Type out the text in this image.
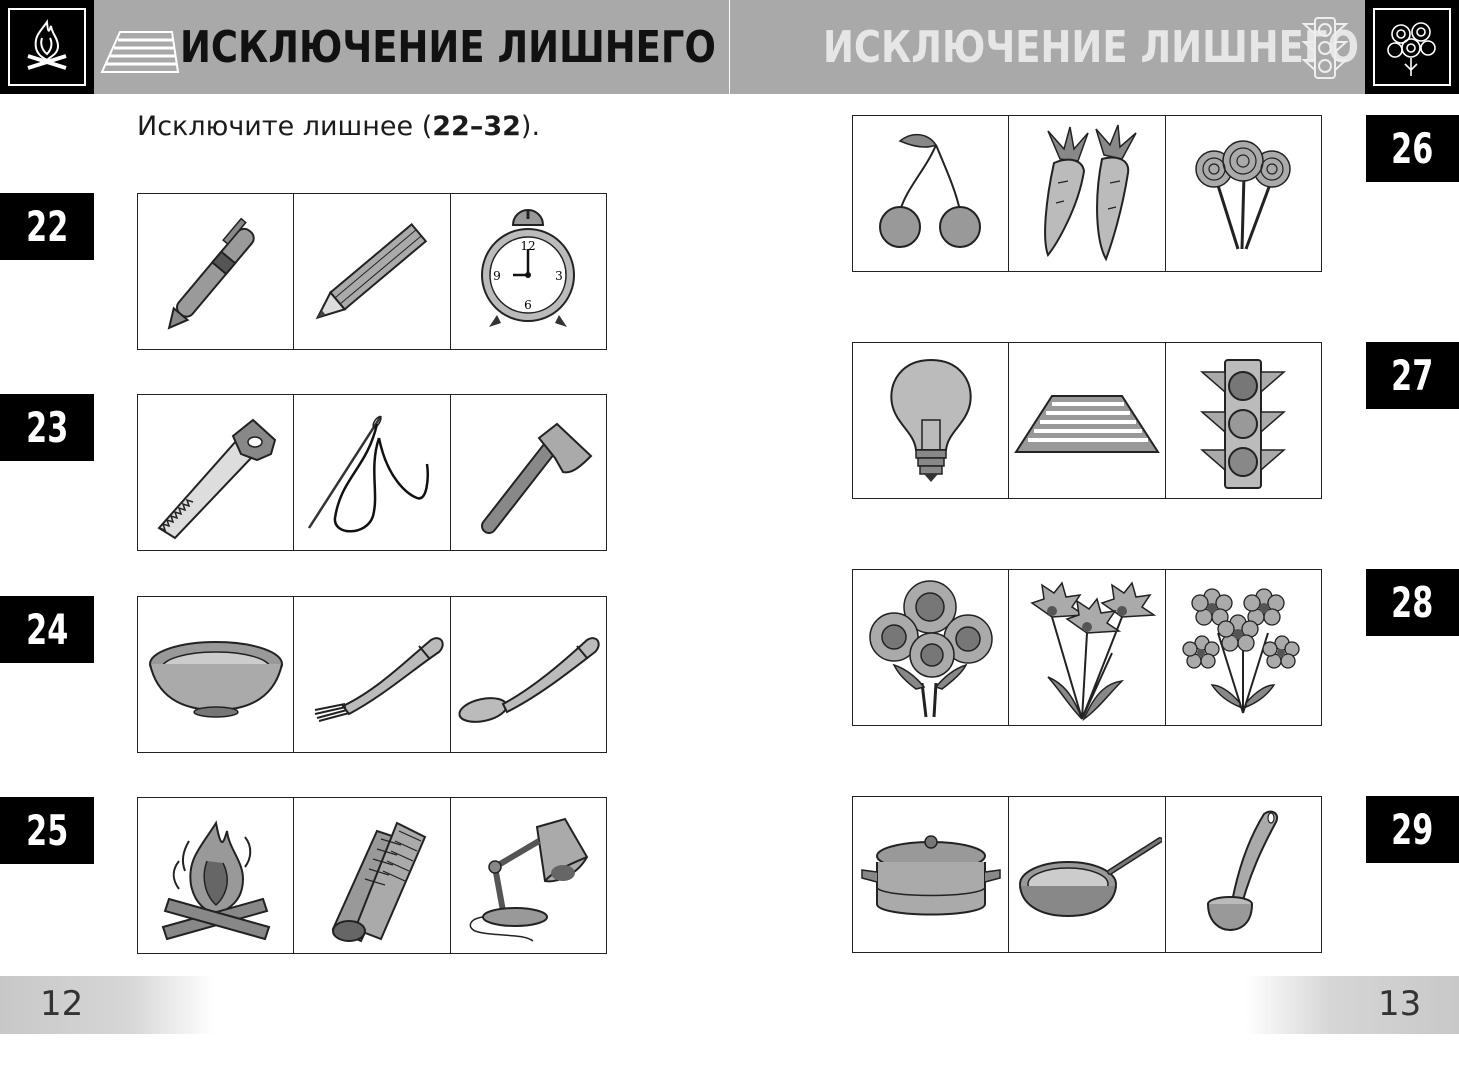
ИСКЛЮЧЕНИЕ ЛИШНЕГО ИСКЛЮЧЕНИЕ ЛИШНЕГО
Исключите лишнее (22–32).
22
23
24
25
26
27
28
29
12
3
6
9
12	13
